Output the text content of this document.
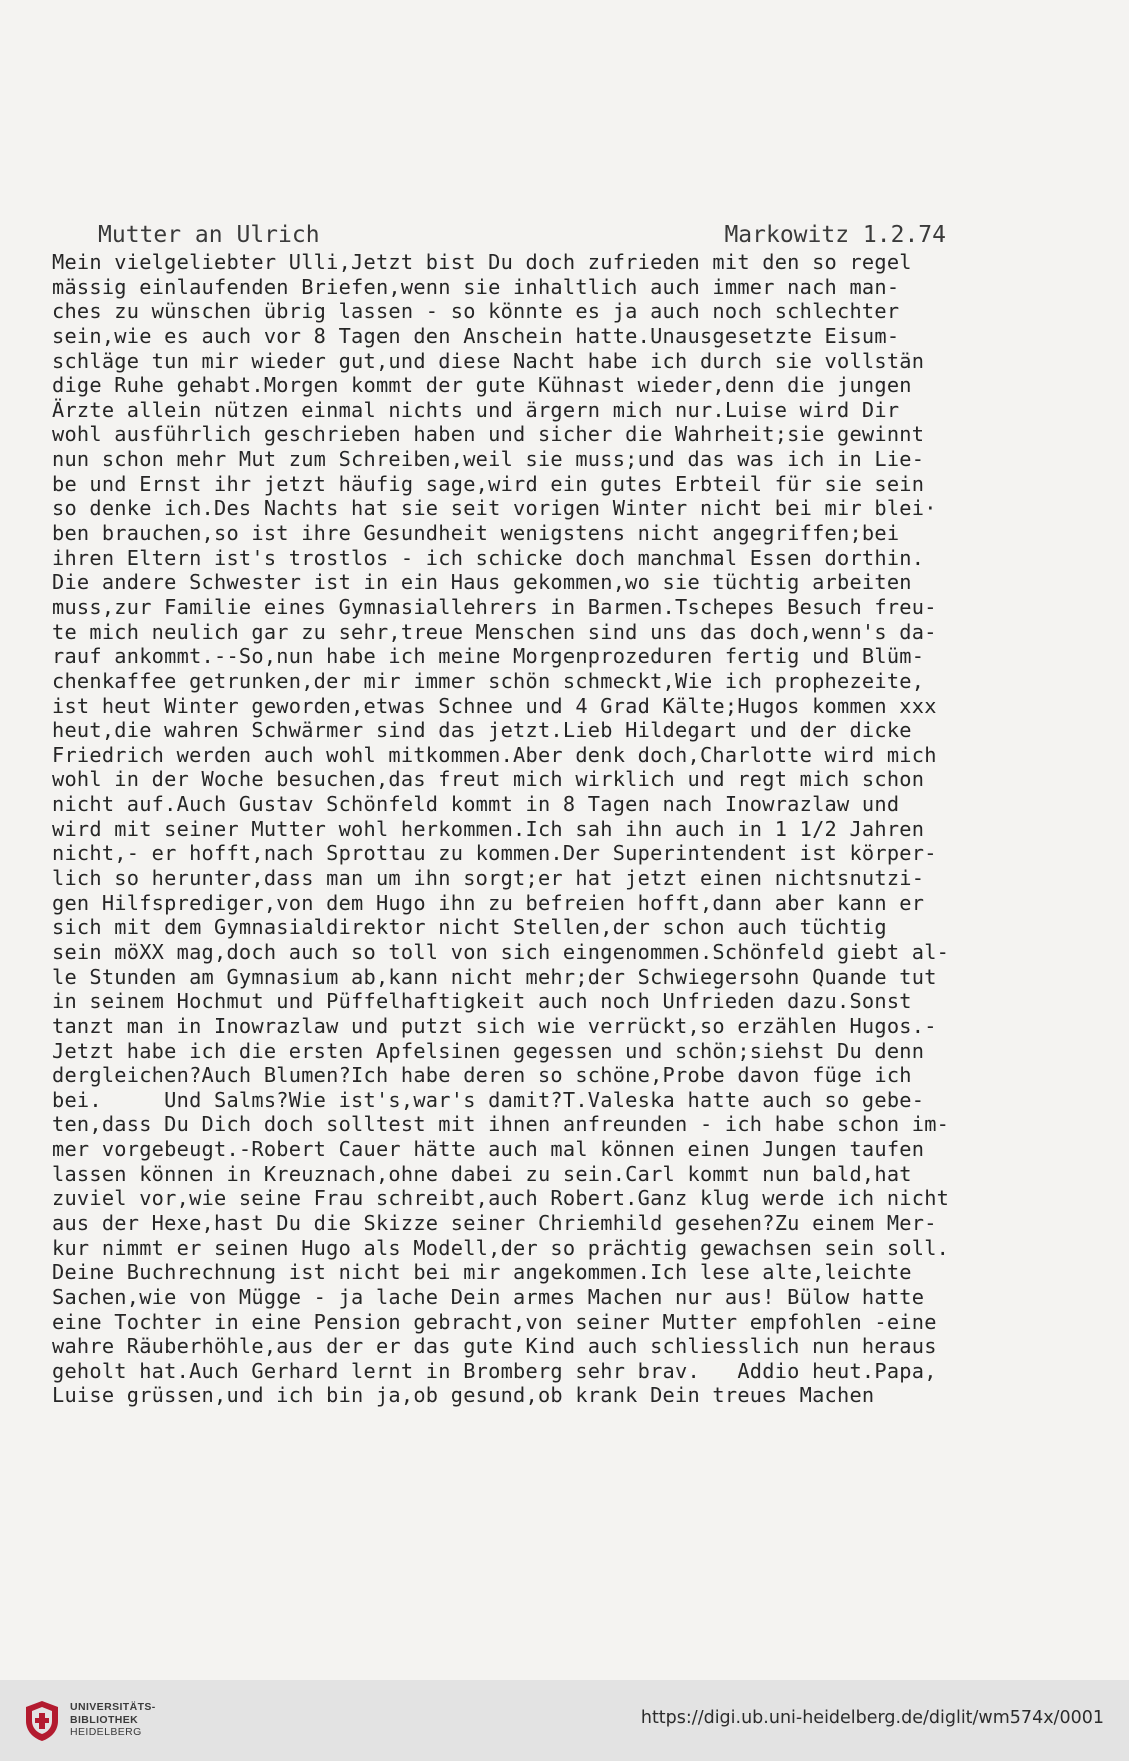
Mutter an Ulrich	Markowitz 1.2.74
Mein vielgeliebter Ulli,Jetzt bist Du doch zufrieden mit den so regel
mässig einlaufenden Briefen,wenn sie inhaltlich auch immer nach man-
ches zu wünschen übrig lassen - so könnte es ja auch noch schlechter
sein,wie es auch vor 8 Tagen den Anschein hatte.Unausgesetzte Eisum-
schläge tun mir wieder gut,und diese Nacht habe ich durch sie vollstän
dige Ruhe gehabt.Morgen kommt der gute Kühnast wieder,denn die jungen
Ärzte allein nützen einmal nichts und ärgern mich nur.Luise wird Dir
wohl ausführlich geschrieben haben und sicher die Wahrheit;sie gewinnt
nun schon mehr Mut zum Schreiben,weil sie muss;und das was ich in Lie-
be und Ernst ihr jetzt häufig sage,wird ein gutes Erbteil für sie sein
so denke ich.Des Nachts hat sie seit vorigen Winter nicht bei mir blei·
ben brauchen,so ist ihre Gesundheit wenigstens nicht angegriffen;bei
ihren Eltern ist's trostlos - ich schicke doch manchmal Essen dorthin.
Die andere Schwester ist in ein Haus gekommen,wo sie tüchtig arbeiten
muss,zur Familie eines Gymnasiallehrers in Barmen.Tschepes Besuch freu-
te mich neulich gar zu sehr,treue Menschen sind uns das doch,wenn's da-
rauf ankommt.--So,nun habe ich meine Morgenprozeduren fertig und Blüm-
chenkaffee getrunken,der mir immer schön schmeckt,Wie ich prophezeite,
ist heut Winter geworden,etwas Schnee und 4 Grad Kälte;Hugos kommen xxx
heut,die wahren Schwärmer sind das jetzt.Lieb Hildegart und der dicke
Friedrich werden auch wohl mitkommen.Aber denk doch,Charlotte wird mich
wohl in der Woche besuchen,das freut mich wirklich und regt mich schon
nicht auf.Auch Gustav Schönfeld kommt in 8 Tagen nach Inowrazlaw und
wird mit seiner Mutter wohl herkommen.Ich sah ihn auch in 1 1/2 Jahren
nicht,- er hofft,nach Sprottau zu kommen.Der Superintendent ist körper-
lich so herunter,dass man um ihn sorgt;er hat jetzt einen nichtsnutzi-
gen Hilfsprediger,von dem Hugo ihn zu befreien hofft,dann aber kann er
sich mit dem Gymnasialdirektor nicht Stellen,der schon auch tüchtig
sein möXX mag,doch auch so toll von sich eingenommen.Schönfeld giebt al-
le Stunden am Gymnasium ab,kann nicht mehr;der Schwiegersohn Quande tut
in seinem Hochmut und Püffelhaftigkeit auch noch Unfrieden dazu.Sonst
tanzt man in Inowrazlaw und putzt sich wie verrückt,so erzählen Hugos.-
Jetzt habe ich die ersten Apfelsinen gegessen und schön;siehst Du denn
dergleichen?Auch Blumen?Ich habe deren so schöne,Probe davon füge ich
bei.     Und Salms?Wie ist's,war's damit?T.Valeska hatte auch so gebe-
ten,dass Du Dich doch solltest mit ihnen anfreunden - ich habe schon im-
mer vorgebeugt.-Robert Cauer hätte auch mal können einen Jungen taufen
lassen können in Kreuznach,ohne dabei zu sein.Carl kommt nun bald,hat
zuviel vor,wie seine Frau schreibt,auch Robert.Ganz klug werde ich nicht
aus der Hexe,hast Du die Skizze seiner Chriemhild gesehen?Zu einem Mer-
kur nimmt er seinen Hugo als Modell,der so prächtig gewachsen sein soll.
Deine Buchrechnung ist nicht bei mir angekommen.Ich lese alte,leichte
Sachen,wie von Mügge - ja lache Dein armes Machen nur aus! Bülow hatte
eine Tochter in eine Pension gebracht,von seiner Mutter empfohlen -eine
wahre Räuberhöhle,aus der er das gute Kind auch schliesslich nun heraus
geholt hat.Auch Gerhard lernt in Bromberg sehr brav.   Addio heut.Papa,
Luise grüssen,und ich bin ja,ob gesund,ob krank Dein treues Machen
UNIVERSITÄTS-
BIBLIOTHEK
HEIDELBERG
https://digi.ub.uni-heidelberg.de/diglit/wm574x/0001
